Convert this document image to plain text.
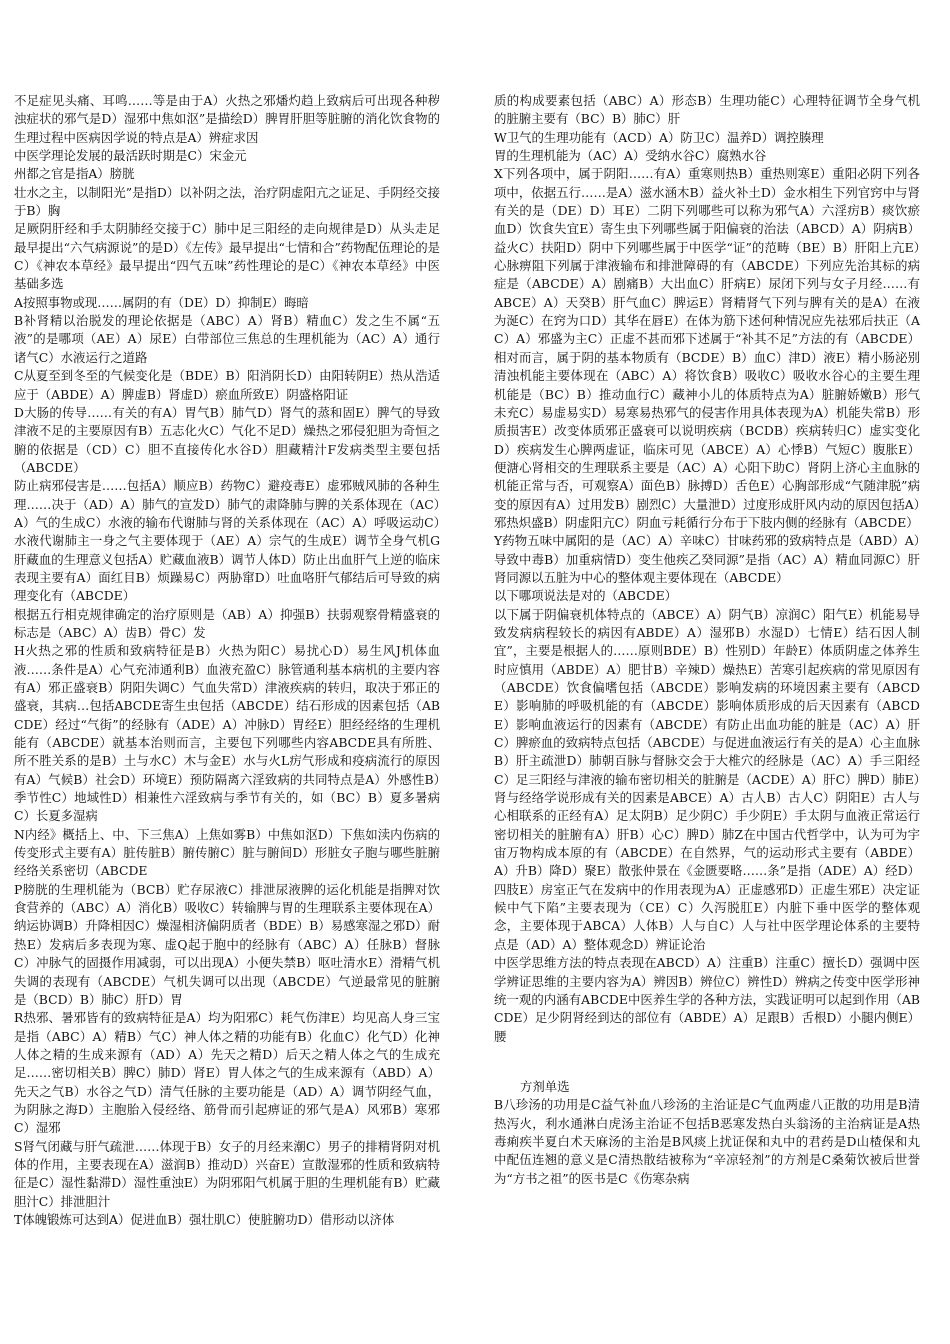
不足症见头痛、耳鸣……等是由于A）火热之邪燔灼趋上致病后可出现各种秽浊症状的邪气是D）湿邪中焦如沤”是描绘D）脾胃肝胆等脏腑的消化饮食物的生理过程中医病因学说的特点是A）辨症求因

中医学理论发展的最活跃时期是C）宋金元

州都之官是指A）膀胱

壮水之主，以制阳光”是指D）以补阴之法，治疗阴虚阳亢之证足、手阴经交接于B）胸

足厥阴肝经和手太阴肺经交接于C）肺中足三阳经的走向规律是D）从头走足最早提出“六气病源说”的是D）《左传》最早提出“七情和合”药物配伍理论的是C）《神农本草经》最早提出“四气五味”药性理论的是C）《神农本草经》中医基础多选

A按照事物或现……属阴的有（DE）D）抑制E）晦暗

B补肾精以治脱发的理论依据是（ABC）A）肾B）精血C）发之生不属“五液”的是哪项（AE）A）尿E）白带部位三焦总的生理机能为（AC）A）通行诸气C）水液运行之道路

C从夏至到冬至的气候变化是（BDE）B）阳消阴长D）由阳转阴E）热从浩适应于（ABDE）A）脾虚B）肾虚D）瘀血所致E）阴盛格阳证

D大肠的传导……有关的有A）胃气B）肺气D）肾气的蒸和固E）脾气的导致津液不足的主要原因有B）五志化火C）气化不足D）燥热之邪侵犯胆为奇恒之腑的依据是（CD）C）胆不直接传化水谷D）胆藏精汁F发病类型主要包括（ABCDE）

防止病邪侵害是……包括A）顺应B）药物C）避疫毒E）虚邪贼风肺的各种生理……决于（AD）A）肺气的宣发D）肺气的肃降肺与脾的关系体现在（AC）A）气的生成C）水液的输布代谢肺与肾的关系体现在（AC）A）呼吸运动C）水液代谢肺主一身之气主要体现于（AE）A）宗气的生成E）调节全身气机G肝藏血的生理意义包括A）贮藏血液B）调节人体D）防止出血肝气上逆的临床表现主要有A）面红目B）烦躁易C）两胁窜D）吐血咯肝气郁结后可导致的病理变化有（ABCDE）

根据五行相克规律确定的治疗原则是（AB）A）抑强B）扶弱观察骨精盛衰的标志是（ABC）A）齿B）骨C）发

H火热之邪的性质和致病特征是B）火热为阳C）易扰心D）易生风J机体血液……条件是A）心气充沛通利B）血液充盈C）脉管通利基本病机的主要内容有A）邪正盛衰B）阴阳失调C）气血失常D）津液疾病的转归，取决于邪正的盛衰，其病…包括ABCDE寄生虫包括（ABCDE）结石形成的因素包括（ABCDE）经过“气街”的经脉有（ADE）A）冲脉D）胃经E）胆经经络的生理机能有（ABCDE）就基本治则而言，主要包下列哪些内容ABCDE具有所胜、所不胜关系的是B）土与水C）木与金E）水与火L疠气形成和疫病流行的原因有A）气候B）社会D）环境E）预防隔离六淫致病的共同特点是A）外感性B）季节性C）地域性D）相兼性六淫致病与季节有关的，如（BC）B）夏多暑病C）长夏多湿病

N内经》概括上、中、下三焦A）上焦如雾B）中焦如沤D）下焦如渎内伤病的传变形式主要有A）脏传脏B）腑传腑C）脏与腑间D）形脏女子胞与哪些脏腑经络关系密切（ABCDE

P膀胱的生理机能为（BCB）贮存尿液C）排泄尿液脾的运化机能是指脾对饮食营养的（ABC）A）消化B）吸收C）转输脾与胃的生理联系主要体现在A）纳运协调B）升降相因C）燥湿相济偏阴质者（BDE）B）易感寒湿之邪D）耐热E）发病后多表现为寒、虚Q起于胞中的经脉有（ABC）A）任脉B）督脉C）冲脉气的固摄作用减弱，可以出现A）小便失禁B）呕吐清水E）滑精气机失调的表现有（ABCDE）气机失调可以出现（ABCDE）气逆最常见的脏腑是（BCD）B）肺C）肝D）胃

R热邪、暑邪皆有的致病特征是A）均为阳邪C）耗气伤津E）均见高人身三宝是指（ABC）A）精B）气C）神人体之精的功能有B）化血C）化气D）化神人体之精的生成来源有（AD）A）先天之精D）后天之精人体之气的生成充足……密切相关B）脾C）肺D）肾E）胃人体之气的生成来源有（ABD）A）先天之气B）水谷之气D）清气任脉的主要功能是（AD）A）调节阴经气血，为阴脉之海D）主胞胎入侵经络、筋骨而引起痹证的邪气是A）风邪B）寒邪C）湿邪

S肾气闭藏与肝气疏泄……体现于B）女子的月经来潮C）男子的排精肾阴对机体的作用，主要表现在A）滋润B）推动D）兴奋E）宣散湿邪的性质和致病特征是C）湿性黏滞D）湿性重浊E）为阴邪阳气机属于胆的生理机能有B）贮藏胆汁C）排泄胆汁

T体魄锻炼可达到A）促进血B）强壮肌C）使脏腑功D）借形动以济体

质的构成要素包括（ABC）A）形态B）生理功能C）心理特征调节全身气机的脏腑主要有（BC）B）肺C）肝

W卫气的生理功能有（ACD）A）防卫C）温养D）调控腠理

胃的生理机能为（AC）A）受纳水谷C）腐熟水谷

X下列各项中，属于阴阳……有A）重寒则热B）重热则寒E）重阳必阴下列各项中，依据五行……是A）滋水涵木B）益火补土D）金水相生下列官窍中与肾有关的是（DE）D）耳E）二阴下列哪些可以称为邪气A）六淫疠B）痰饮瘀血D）饮食失宜E）寄生虫下列哪些属于阳偏衰的治法（ABCD）A）阴病B）益火C）扶阳D）阴中下列哪些属于中医学“证”的范畴（BE）B）肝阳上亢E）心脉痹阻下列属于津液输布和排泄障碍的有（ABCDE）下列应先治其标的病症是（ABCDE）A）剧痛B）大出血C）肝病E）尿闭下列与女子月经……有ABCE）A）天癸B）肝气血C）脾运E）肾精肾气下列与脾有关的是A）在液为涎C）在窍为口D）其华在唇E）在体为筋下述何种情况应先祛邪后扶正（AC）A）邪盛为主C）正虚不甚而邪下述属于“补其不足”方法的有（ABCDE）相对而言，属于阴的基本物质有（BCDE）B）血C）津D）液E）精小肠泌别清浊机能主要体现在（ABC）A）将饮食B）吸收C）吸收水谷心的主要生理机能是（BC）B）推动血行C）藏神小儿的体质特点为A）脏腑娇嫩B）形气未充C）易虚易实D）易寒易热邪气的侵害作用具体表现为A）机能失常B）形质损害E）改变体质邪正盛衰可以说明疾病（BCDB）疾病转归C）虚实变化D）疾病发生心脾两虚证，临床可见（ABCE）A）心悸B）气短C）腹胀E）便溏心肾相交的生理联系主要是（AC）A）心阳下助C）肾阴上济心主血脉的机能正常与否，可观察A）面色B）脉搏D）舌色E）心胸部形成“气随津脱”病变的原因有A）过用发B）剧烈C）大量泄D）过度形成肝风内动的原因包括A）邪热炽盛B）阴虚阳亢C）阴血亏耗循行分布于下肢内侧的经脉有（ABCDE）

Y药物五味中属阳的是（AC）A）辛味C）甘味药邪的致病特点是（ABD）A）导致中毒B）加重病情D）变生他疾乙癸同源”是指（AC）A）精血同源C）肝肾同源以五脏为中心的整体观主要体现在（ABCDE）

以下哪项说法是对的（ABCDE）

以下属于阴偏衰机体特点的（ABCE）A）阴气B）凉润C）阳气E）机能易导致发病病程较长的病因有ABDE）A）湿邪B）水湿D）七情E）结石因人制宜”，主要是根据人的……原则BDE）B）性别D）年龄E）体质阴虚之体养生时应慎用（ABDE）A）肥甘B）辛辣D）燥热E）苦寒引起疾病的常见原因有（ABCDE）饮食偏嗜包括（ABCDE）影响发病的环境因素主要有（ABCDE）影响肺的呼吸机能的有（ABCDE）影响体质形成的后天因素有（ABCDE）影响血液运行的因素有（ABCDE）有防止出血功能的脏是（AC）A）肝C）脾瘀血的致病特点包括（ABCDE）与促进血液运行有关的是A）心主血脉B）肝主疏泄D）肺朝百脉与督脉交会于大椎穴的经脉是（AC）A）手三阳经C）足三阳经与津液的输布密切相关的脏腑是（ACDE）A）肝C）脾D）肺E）肾与经络学说形成有关的因素是ABCE）A）古人B）古人C）阴阳E）古人与心相联系的正经有A）足太阴B）足少阴C）手少阴E）手太阴与血液正常运行密切相关的脏腑有A）肝B）心C）脾D）肺Z在中国古代哲学中，认为可为宇宙万物构成本原的有（ABCDE）在自然界，气的运动形式主要有（ABDE）A）升B）降D）聚E）散张仲景在《金匮要略……条”是指（ADE）A）经D）四肢E）房室正气在发病中的作用表现为A）正虚感邪D）正虚生邪E）决定证候中气下陷”主要表现为（CE）C）久泻脱肛E）内脏下垂中医学的整体观念，主要体现于ABCA）人体B）人与自C）人与社中医学理论体系的主要特点是（AD）A）整体观念D）辨证论治

中医学思维方法的特点表现在ABCD）A）注重B）注重C）擅长D）强调中医学辨证思维的主要内容为A）辨因B）辨位C）辨性D）辨病之传变中医学形神统一观的内涵有ABCDE中医养生学的各种方法，实践证明可以起到作用（ABCDE）足少阴肾经到达的部位有（ABDE）A）足跟B）舌根D）小腿内侧E）腰

方剂单选

B八珍汤的功用是C益气补血八珍汤的主治证是C气血两虚八正散的功用是B清热泻火，利水通淋白虎汤主治证不包括B恶寒发热白头翁汤的主治病证是A热毒痢疾半夏白术天麻汤的主治是B风痰上扰证保和丸中的君药是D山楂保和丸中配伍连翘的意义是C清热散结被称为“辛凉轻剂”的方剂是C桑菊饮被后世誉为“方书之祖”的医书是C《伤寒杂病
